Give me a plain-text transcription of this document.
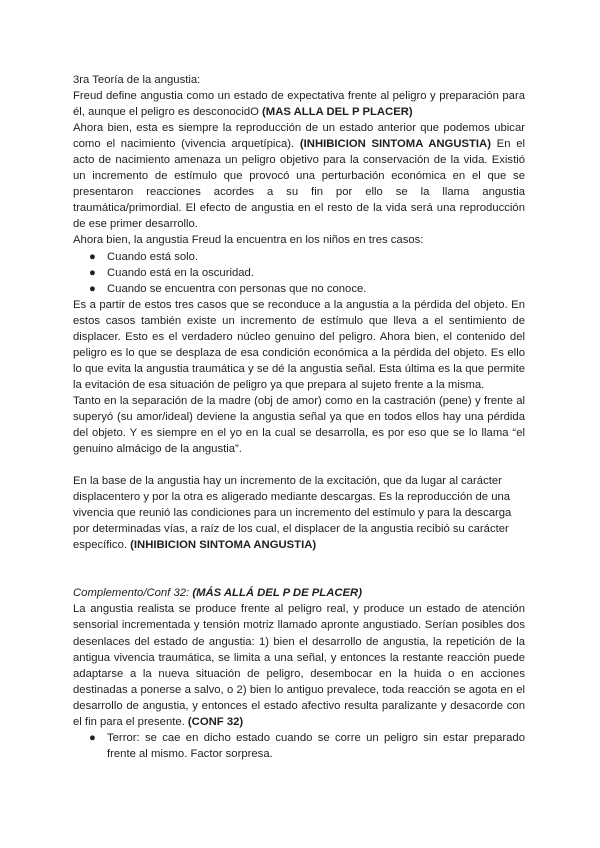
3ra Teoría de la angustia:

Freud define angustia como un estado de expectativa frente al peligro y preparación para él, aunque el peligro es desconocidO (MAS ALLA DEL P PLACER)

Ahora bien, esta es siempre la reproducción de un estado anterior que podemos ubicar como el nacimiento (vivencia arquetípica). (INHIBICION SINTOMA ANGUSTIA) En el acto de nacimiento amenaza un peligro objetivo para la conservación de la vida. Existió un incremento de estímulo que provocó una perturbación económica en el que se presentaron reacciones acordes a su fin por ello se la llama angustia traumática/primordial. El efecto de angustia en el resto de la vida será una reproducción de ese primer desarrollo.

Ahora bien, la angustia Freud la encuentra en los niños en tres casos:

● Cuando está solo.
● Cuando está en la oscuridad.
● Cuando se encuentra con personas que no conoce.

Es a partir de estos tres casos que se reconduce a la angustia a la pérdida del objeto. En estos casos también existe un incremento de estímulo que lleva a el sentimiento de displacer. Esto es el verdadero núcleo genuino del peligro. Ahora bien, el contenido del peligro es lo que se desplaza de esa condición económica a la pérdida del objeto. Es ello lo que evita la angustia traumática y se dé la angustia señal. Esta última es la que permite la evitación de esa situación de peligro ya que prepara al sujeto frente a la misma.

Tanto en la separación de la madre (obj de amor) como en la castración (pene) y frente al superyó (su amor/ideal) deviene la angustia señal ya que en todos ellos hay una pérdida del objeto. Y es siempre en el yo en la cual se desarrolla, es por eso que se lo llama “el genuino almácigo de la angustia”.

En la base de la angustia hay un incremento de la excitación, que da lugar al carácter displacentero y por la otra es aligerado mediante descargas. Es la reproducción de una vivencia que reunió las condiciones para un incremento del estímulo y para la descarga por determinadas vías, a raíz de los cual, el displacer de la angustia recibió su carácter específico. (INHIBICION SINTOMA ANGUSTIA)

Complemento/Conf 32: (MÁS ALLÁ DEL P DE PLACER)

La angustia realista se produce frente al peligro real, y produce un estado de atención sensorial incrementada y tensión motriz llamado apronte angustiado. Serían posibles dos desenlaces del estado de angustia: 1) bien el desarrollo de angustia, la repetición de la antigua vivencia traumática, se limita a una señal, y entonces la restante reacción puede adaptarse a la nueva situación de peligro, desembocar en la huida o en acciones destinadas a ponerse a salvo, o 2) bien lo antiguo prevalece, toda reacción se agota en el desarrollo de angustia, y entonces el estado afectivo resulta paralizante y desacorde con el fin para el presente. (CONF 32)

● Terror: se cae en dicho estado cuando se corre un peligro sin estar preparado frente al mismo. Factor sorpresa.
